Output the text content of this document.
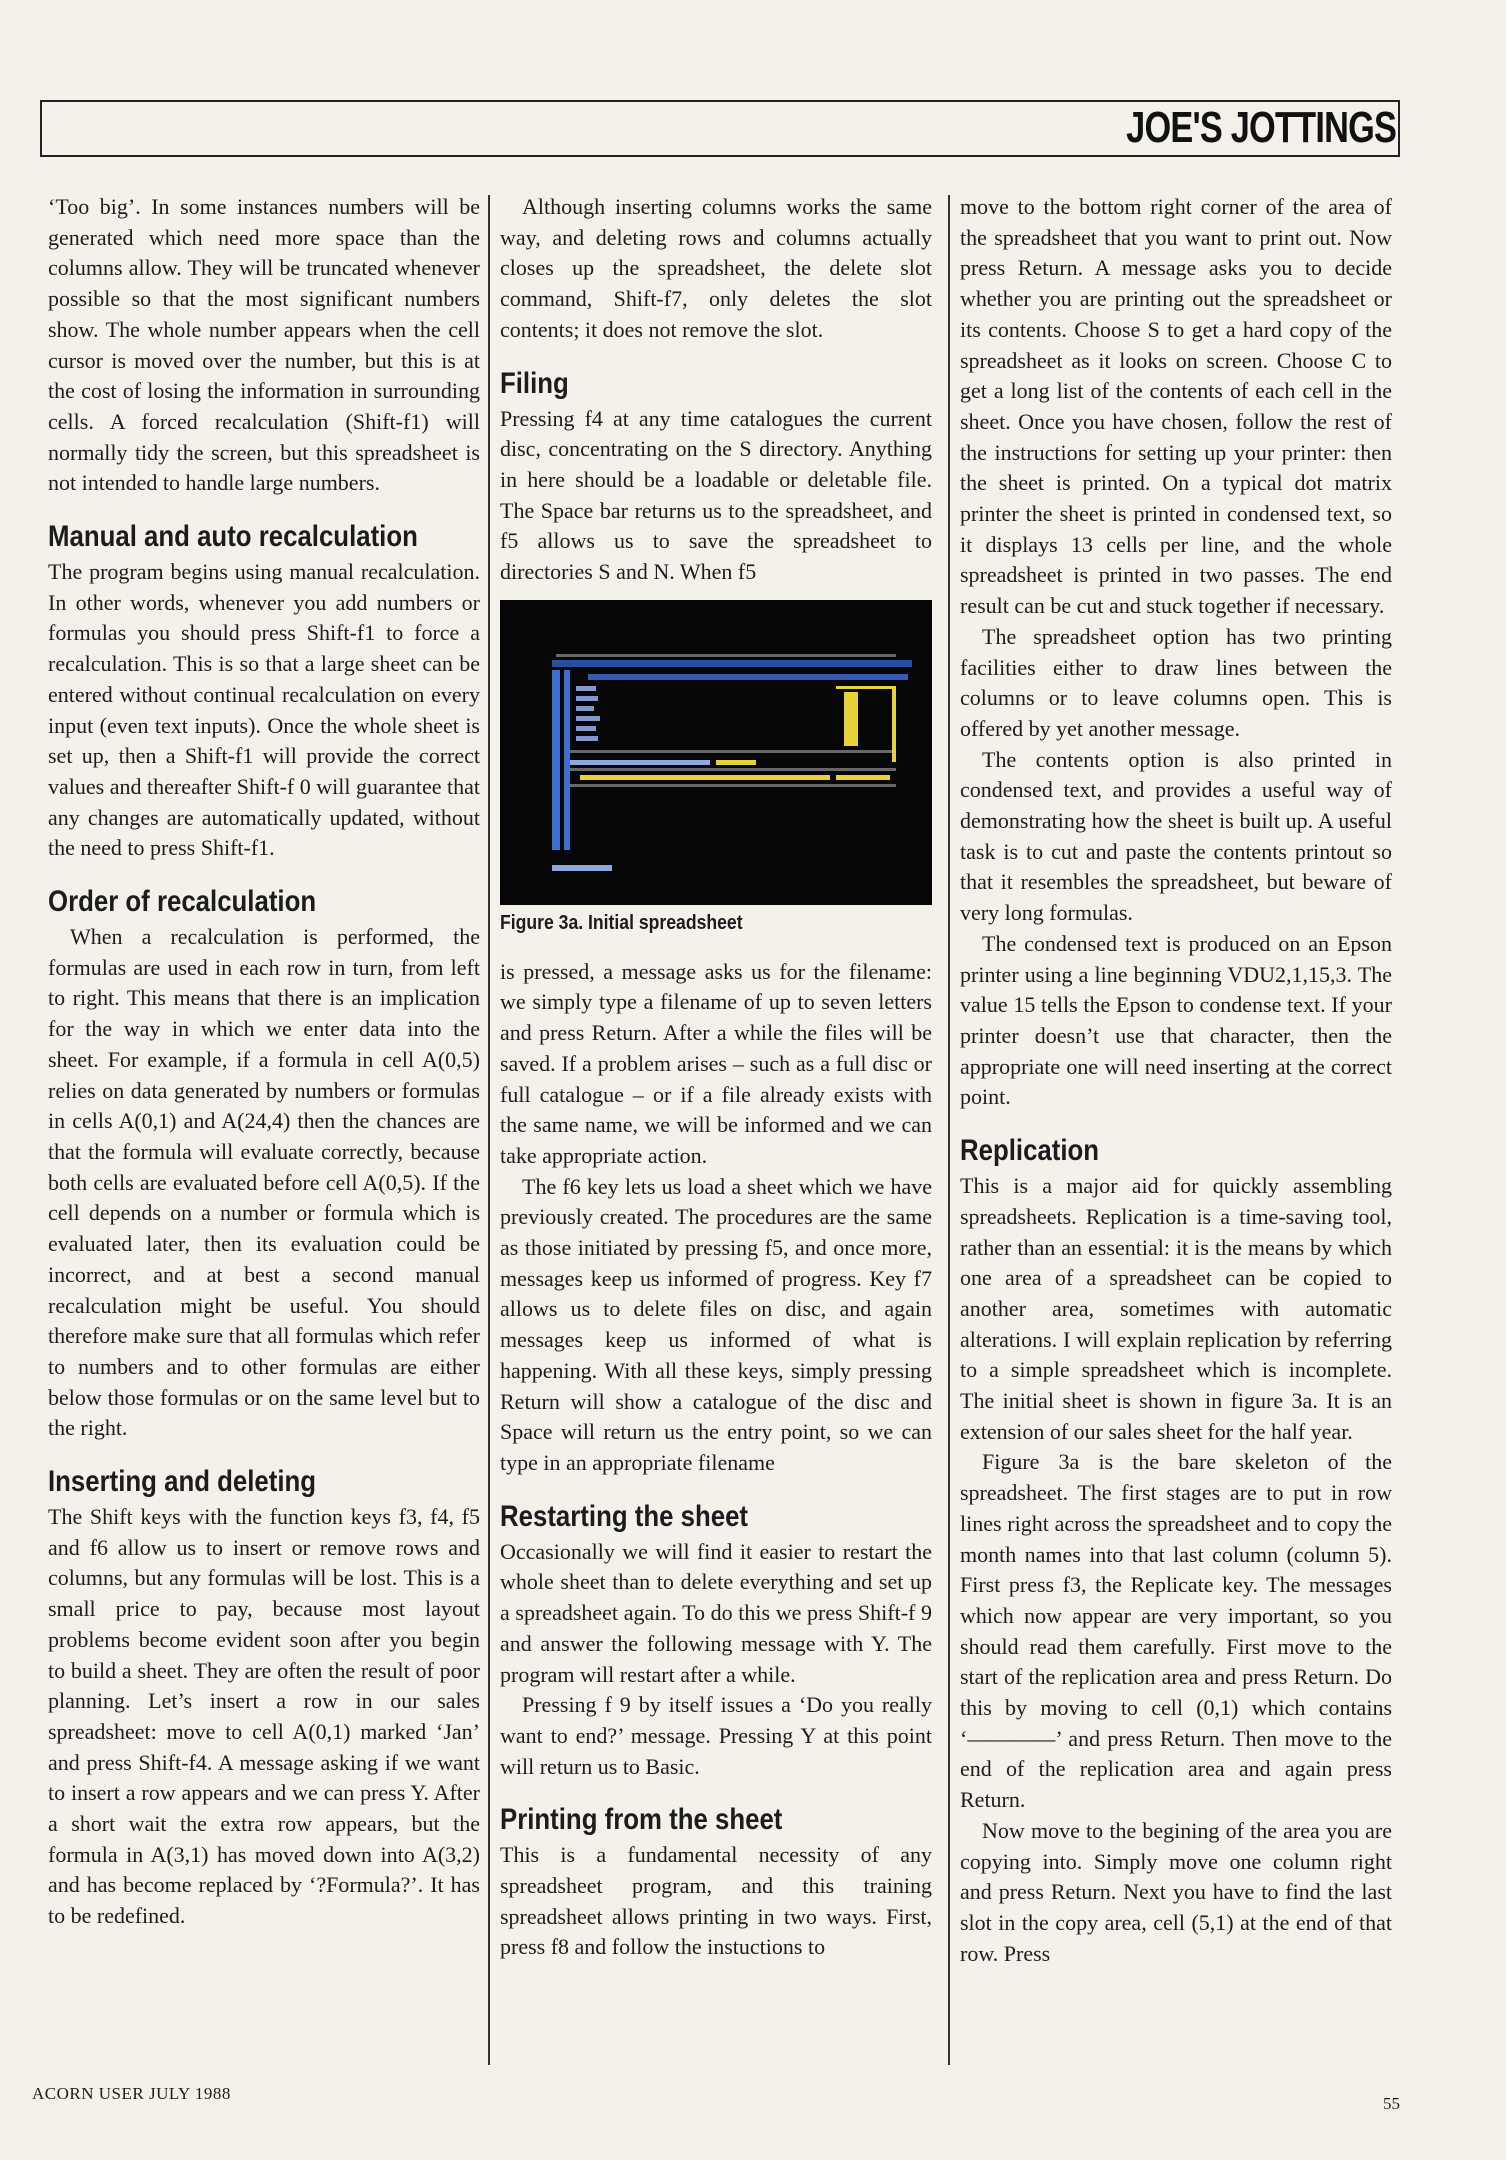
JOE'S JOTTINGS

‘Too big’. In some instances numbers will be generated which need more space than the columns allow. They will be truncated whenever possible so that the most significant numbers show. The whole number appears when the cell cursor is moved over the number, but this is at the cost of losing the information in surrounding cells. A forced recalculation (Shift-f1) will normally tidy the screen, but this spreadsheet is not intended to handle large numbers.

Manual and auto recalculation

The program begins using manual recalculation. In other words, whenever you add numbers or formulas you should press Shift-f1 to force a recalculation. This is so that a large sheet can be entered without continual recalculation on every input (even text inputs). Once the whole sheet is set up, then a Shift-f1 will provide the correct values and thereafter Shift-f 0 will guarantee that any changes are automatically updated, without the need to press Shift-f1.

Order of recalculation

When a recalculation is performed, the formulas are used in each row in turn, from left to right. This means that there is an implication for the way in which we enter data into the sheet. For example, if a formula in cell A(0,5) relies on data generated by numbers or formulas in cells A(0,1) and A(24,4) then the chances are that the formula will evaluate correctly, because both cells are evaluated before cell A(0,5). If the cell depends on a number or formula which is evaluated later, then its evaluation could be incorrect, and at best a second manual recalculation might be useful. You should therefore make sure that all formulas which refer to numbers and to other formulas are either below those formulas or on the same level but to the right.

Inserting and deleting

The Shift keys with the function keys f3, f4, f5 and f6 allow us to insert or remove rows and columns, but any formulas will be lost. This is a small price to pay, because most layout problems become evident soon after you begin to build a sheet. They are often the result of poor planning. Let’s insert a row in our sales spreadsheet: move to cell A(0,1) marked ‘Jan’ and press Shift-f4. A message asking if we want to insert a row appears and we can press Y. After a short wait the extra row appears, but the formula in A(3,1) has moved down into A(3,2) and has become replaced by ‘?Formula?’. It has to be redefined.

Although inserting columns works the same way, and deleting rows and columns actually closes up the spreadsheet, the delete slot command, Shift-f7, only deletes the slot contents; it does not remove the slot.

Filing

Pressing f4 at any time catalogues the current disc, concentrating on the S directory. Anything in here should be a loadable or deletable file. The Space bar returns us to the spreadsheet, and f5 allows us to save the spreadsheet to directories S and N. When f5

Figure 3a. Initial spreadsheet

is pressed, a message asks us for the filename: we simply type a filename of up to seven letters and press Return. After a while the files will be saved. If a problem arises – such as a full disc or full catalogue – or if a file already exists with the same name, we will be informed and we can take appropriate action.

The f6 key lets us load a sheet which we have previously created. The procedures are the same as those initiated by pressing f5, and once more, messages keep us informed of progress. Key f7 allows us to delete files on disc, and again messages keep us informed of what is happening. With all these keys, simply pressing Return will show a catalogue of the disc and Space will return us the entry point, so we can type in an appropriate filename

Restarting the sheet

Occasionally we will find it easier to restart the whole sheet than to delete everything and set up a spreadsheet again. To do this we press Shift-f 9 and answer the following message with Y. The program will restart after a while.

Pressing f 9 by itself issues a ‘Do you really want to end?’ message. Pressing Y at this point will return us to Basic.

Printing from the sheet

This is a fundamental necessity of any spreadsheet program, and this training spreadsheet allows printing in two ways. First, press f8 and follow the instuctions to

move to the bottom right corner of the area of the spreadsheet that you want to print out. Now press Return. A message asks you to decide whether you are printing out the spreadsheet or its contents. Choose S to get a hard copy of the spreadsheet as it looks on screen. Choose C to get a long list of the contents of each cell in the sheet. Once you have chosen, follow the rest of the instructions for setting up your printer: then the sheet is printed. On a typical dot matrix printer the sheet is printed in condensed text, so it displays 13 cells per line, and the whole spreadsheet is printed in two passes. The end result can be cut and stuck together if necessary.

The spreadsheet option has two printing facilities either to draw lines between the columns or to leave columns open. This is offered by yet another message.

The contents option is also printed in condensed text, and provides a useful way of demonstrating how the sheet is built up. A useful task is to cut and paste the contents printout so that it resembles the spreadsheet, but beware of very long formulas.

The condensed text is produced on an Epson printer using a line beginning VDU2,1,15,3. The value 15 tells the Epson to condense text. If your printer doesn’t use that character, then the appropriate one will need inserting at the correct point.

Replication

This is a major aid for quickly assembling spreadsheets. Replication is a time-saving tool, rather than an essential: it is the means by which one area of a spreadsheet can be copied to another area, sometimes with automatic alterations. I will explain replication by referring to a simple spreadsheet which is incomplete. The initial sheet is shown in figure 3a. It is an extension of our sales sheet for the half year.

Figure 3a is the bare skeleton of the spreadsheet. The first stages are to put in row lines right across the spreadsheet and to copy the month names into that last column (column 5). First press f3, the Replicate key. The messages which now appear are very important, so you should read them carefully. First move to the start of the replication area and press Return. Do this by moving to cell (0,1) which contains ‘————’ and press Return. Then move to the end of the replication area and again press Return.

Now move to the begining of the area you are copying into. Simply move one column right and press Return. Next you have to find the last slot in the copy area, cell (5,1) at the end of that row. Press

ACORN USER JULY 1988
55
